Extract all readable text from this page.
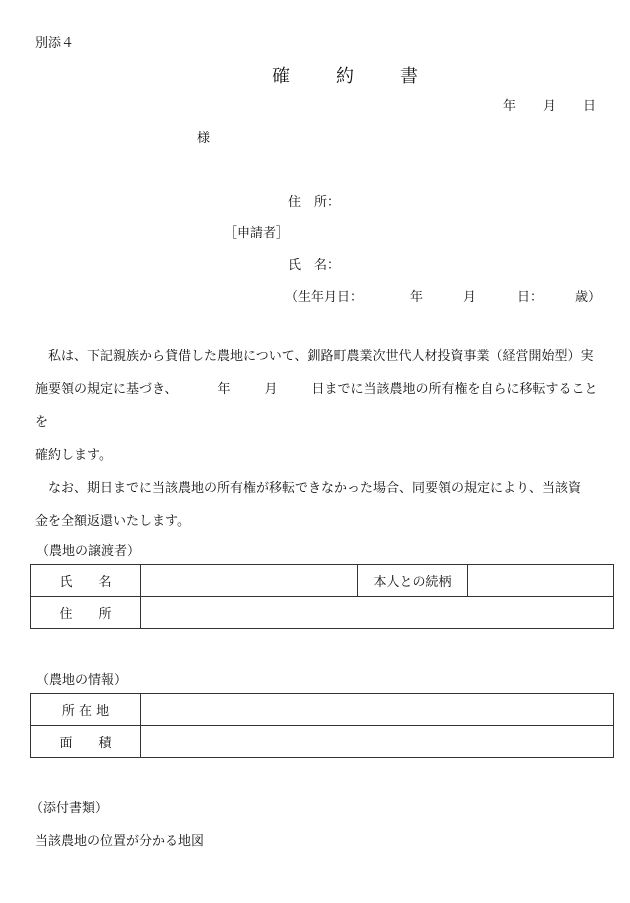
別添４
確　約　書
年 月 日
様
住　所：
［申請者］
氏　名：
（生年月日：	年	月	日： 歳）
私は、下記親族から貸借した農地について、釧路町農業次世代人材投資事業（経営開始型）実
施要領の規定に基づき、	年	月	日までに当該農地の所有権を自らに移転することを
確約します。
なお、期日までに当該農地の所有権が移転できなかった場合、同要領の規定により、当該資
金を全額返還いたします。
（農地の譲渡者）
氏　　名		本人との続柄	
住　　所			
（農地の情報）
所 在 地	
面　　積	
（添付書類）
当該農地の位置が分かる地図
